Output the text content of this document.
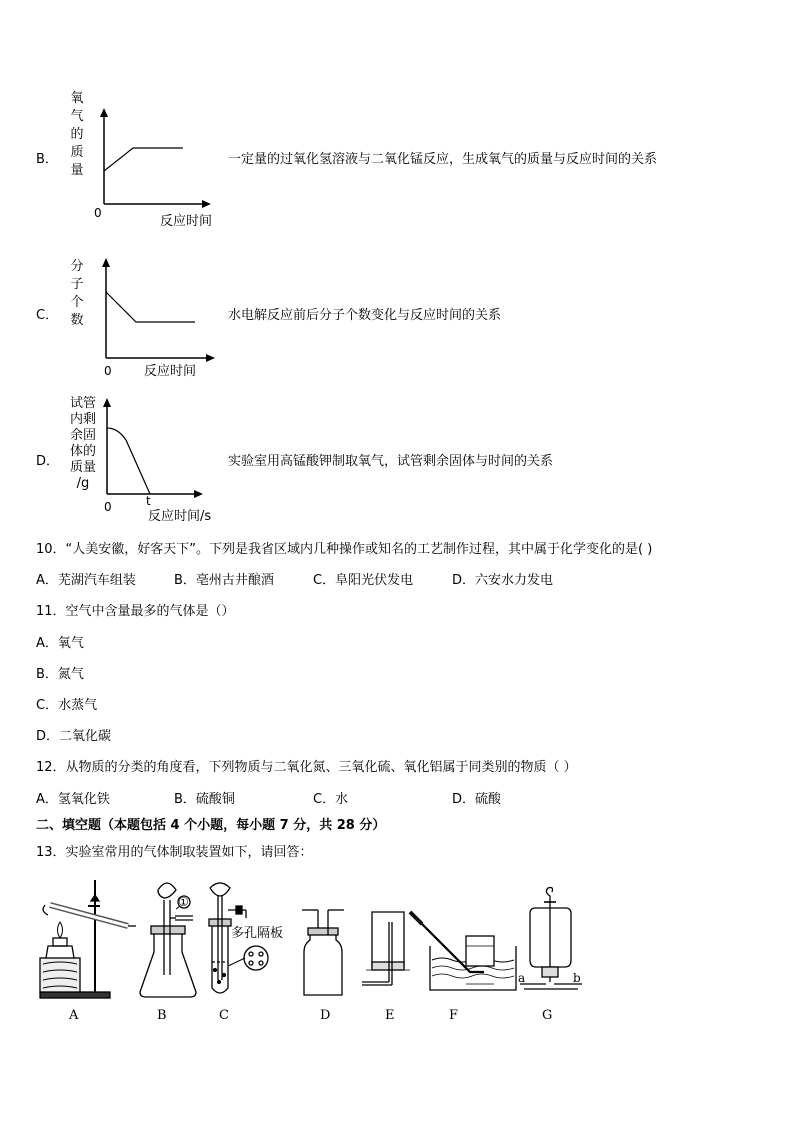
B．
氧
气
的
质
量
0
反应时间
一定量的过氧化氢溶液与二氧化锰反应，生成氧气的质量与反应时间的关系
C．
分
子
个
数
0 反应时间
水电解反应前后分子个数变化与反应时间的关系
D．
试管
内剩
余固
体的
质量
/g
0	t
反应时间/s
实验室用高锰酸钾制取氧气，试管剩余固体与时间的关系
10．“人美安徽，好客天下”。下列是我省区域内几种操作或知名的工艺制作过程，其中属于化学变化的是( )
A．芜湖汽车组装	B．亳州古井酿酒	C．阜阳光伏发电	D．六安水力发电
11．空气中含量最多的气体是（）
A．氧气
B．氮气
C．水蒸气
D．二氧化碳
12．从物质的分类的角度看，下列物质与二氧化氮、三氧化硫、氧化铝属于同类别的物质（ ）
A．氢氧化铁	B．硫酸铜	C．水	D．硫酸
二、填空题（本题包括 4 个小题，每小题 7 分，共 28 分）
13．实验室常用的气体制取装置如下，请回答：
①
多孔隔板
a	b
A	B	C	D	E	F	G
